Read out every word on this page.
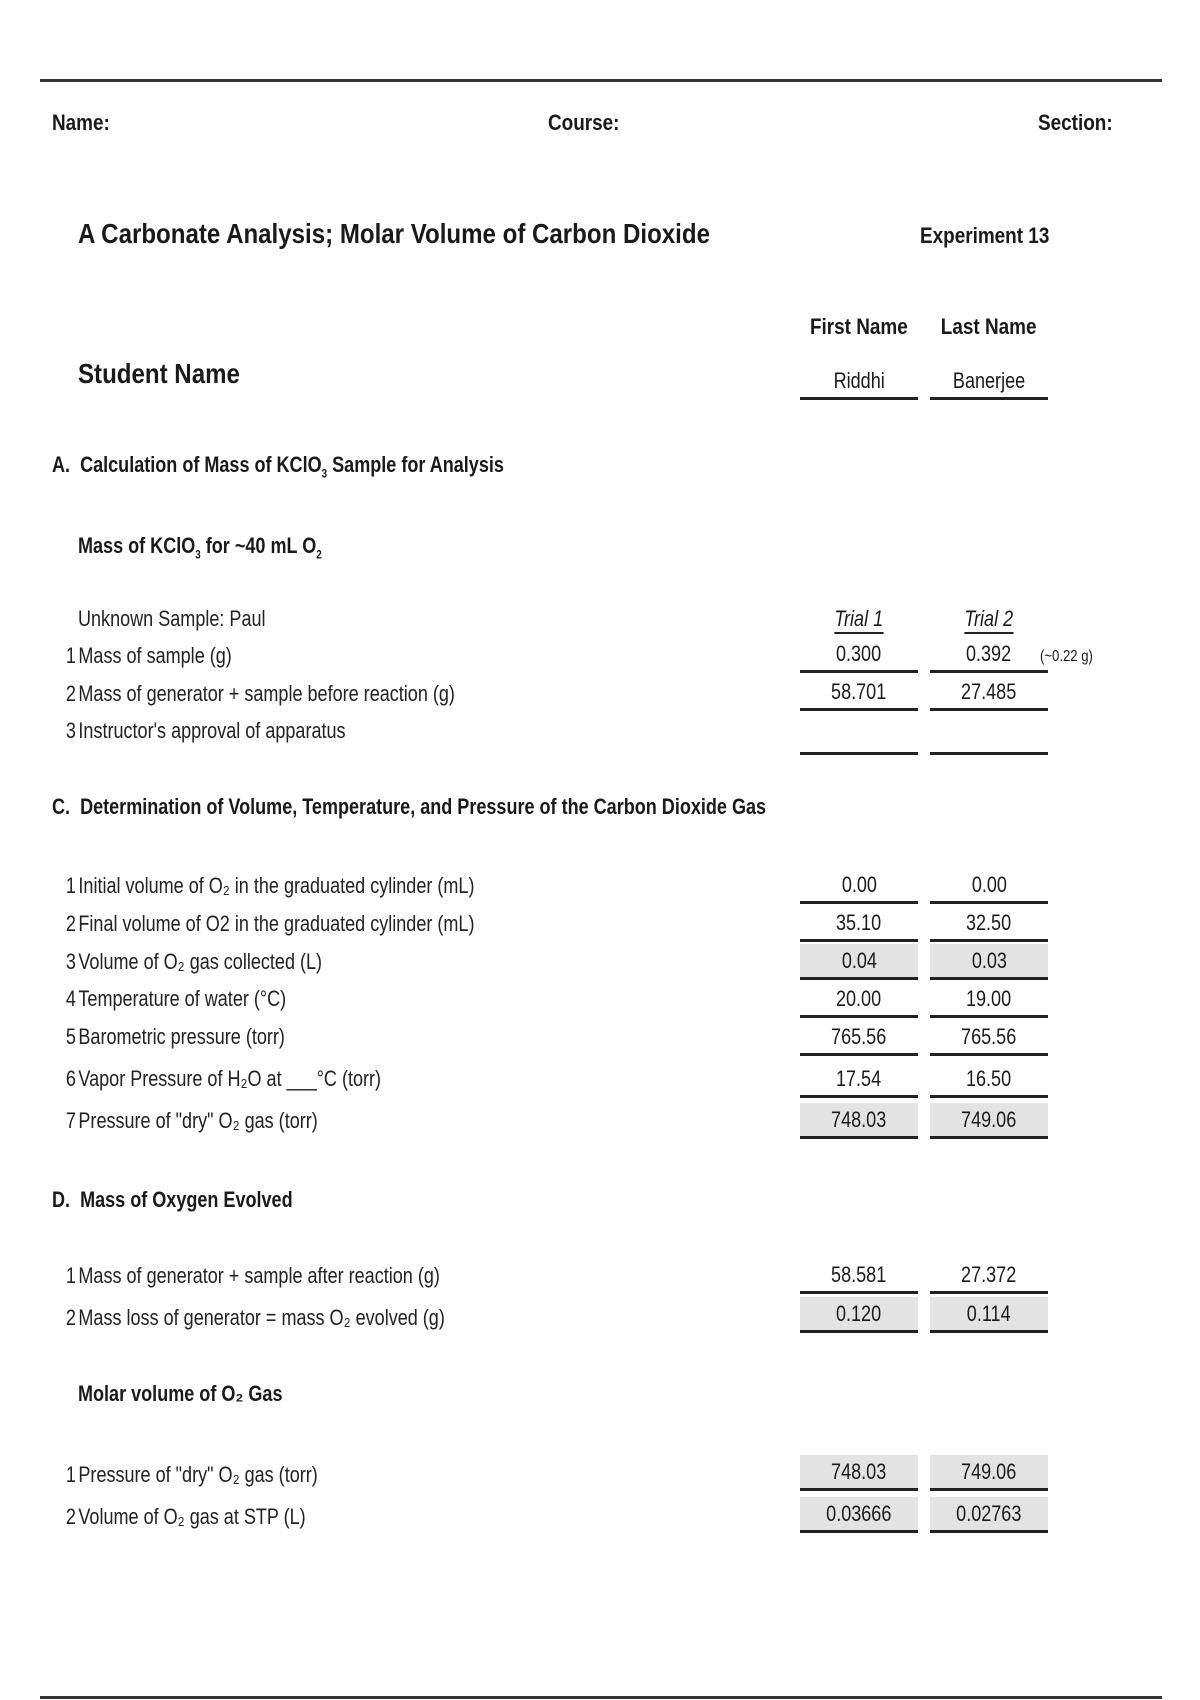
Name:	Course:	Section:
A Carbonate Analysis; Molar Volume of Carbon Dioxide	Experiment 13
First Name	Last Name
Student Name	Riddhi	Banerjee
A. Calculation of Mass of KClO$_3$ Sample for Analysis
Mass of KClO$_3$ for ~40 mL $O_2$
Unknown Sample: Paul	Trial 1	Trial 2
1 Mass of sample (g)	0.300	0.392	(~0.22 g)
2 Mass of generator + sample before reaction (g)	58.701	27.485
3 Instructor's approval of apparatus
C. Determination of Volume, Temperature, and Pressure of the Carbon Dioxide Gas
1 Initial volume of O₂ in the graduated cylinder (mL)	0.00	0.00
2 Final volume of O2 in the graduated cylinder (mL)	35.10	32.50
3 Volume of O₂ gas collected (L)	0.04	0.03
4 Temperature of water (°C)	20.00	19.00
5 Barometric pressure (torr)	765.56	765.56
6 Vapor Pressure of H₂O at ___°C (torr)	17.54	16.50
7 Pressure of "dry" O₂ gas (torr)	748.03	749.06
D. Mass of Oxygen Evolved
1 Mass of generator + sample after reaction (g)	58.581	27.372
2 Mass loss of generator = mass O₂ evolved (g)	0.120	0.114
Molar volume of O₂ Gas
1 Pressure of "dry" O₂ gas (torr)	748.03	749.06
2 Volume of O₂ gas at STP (L)	0.03666	0.02763
